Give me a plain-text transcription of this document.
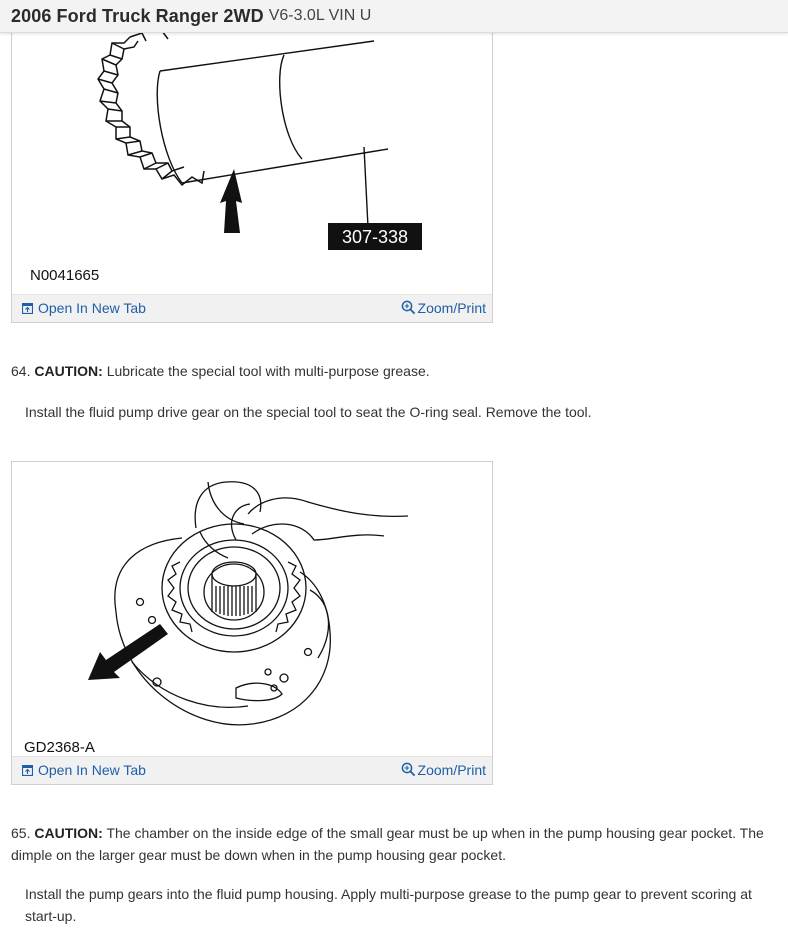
307-338
N0041665
Open In New Tab	Zoom/Print
2006 Ford Truck Ranger 2WD V6-3.0L VIN U
64. CAUTION: Lubricate the special tool with multi-purpose grease.
Install the fluid pump drive gear on the special tool to seat the O-ring seal. Remove the tool.
GD2368-A
Open In New Tab	Zoom/Print
65. CAUTION: The chamber on the inside edge of the small gear must be up when in the pump housing gear pocket. The dimple on the larger gear must be down when in the pump housing gear pocket.
Install the pump gears into the fluid pump housing. Apply multi-purpose grease to the pump gear to prevent scoring at start-up.
